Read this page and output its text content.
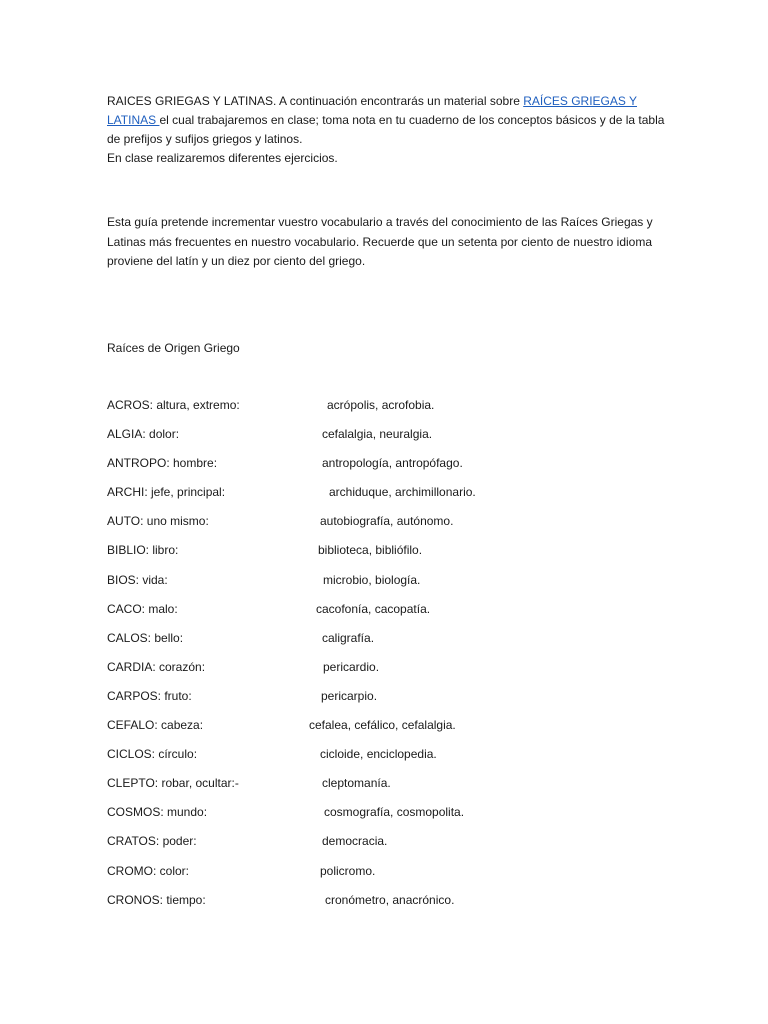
RAICES GRIEGAS Y LATINAS. A continuación encontrarás un material sobre RAÍCES GRIEGAS Y LATINAS el cual trabajaremos en clase; toma nota en tu cuaderno de los conceptos básicos y de la tabla de prefijos y sufijos griegos y latinos.
En clase realizaremos diferentes ejercicios.

Esta guía pretende incrementar vuestro vocabulario a través del conocimiento de las Raíces Griegas y Latinas más frecuentes en nuestro vocabulario. Recuerde que un setenta por ciento de nuestro idioma proviene del latín y un diez por ciento del griego.

Raíces de Origen Griego
ACROS: altura, extremo:	acrópolis, acrofobia.
ALGIA: dolor:	cefalalgia, neuralgia.
ANTROPO: hombre:	antropología, antropófago.
ARCHI: jefe, principal:	archiduque, archimillonario.
AUTO: uno mismo:	autobiografía, autónomo.
BIBLIO: libro:	biblioteca, bibliófilo.
BIOS: vida:	microbio, biología.
CACO: malo:	cacofonía, cacopatía.
CALOS: bello:	caligrafía.
CARDIA: corazón:	pericardio.
CARPOS: fruto:	pericarpio.
CEFALO: cabeza:	cefalea, cefálico, cefalalgia.
CICLOS: círculo:	cicloide, enciclopedia.
CLEPTO: robar, ocultar:-	cleptomanía.
COSMOS: mundo:	cosmografía, cosmopolita.
CRATOS: poder:	democracia.
CROMO: color:	policromo.
CRONOS: tiempo:	cronómetro, anacrónico.
